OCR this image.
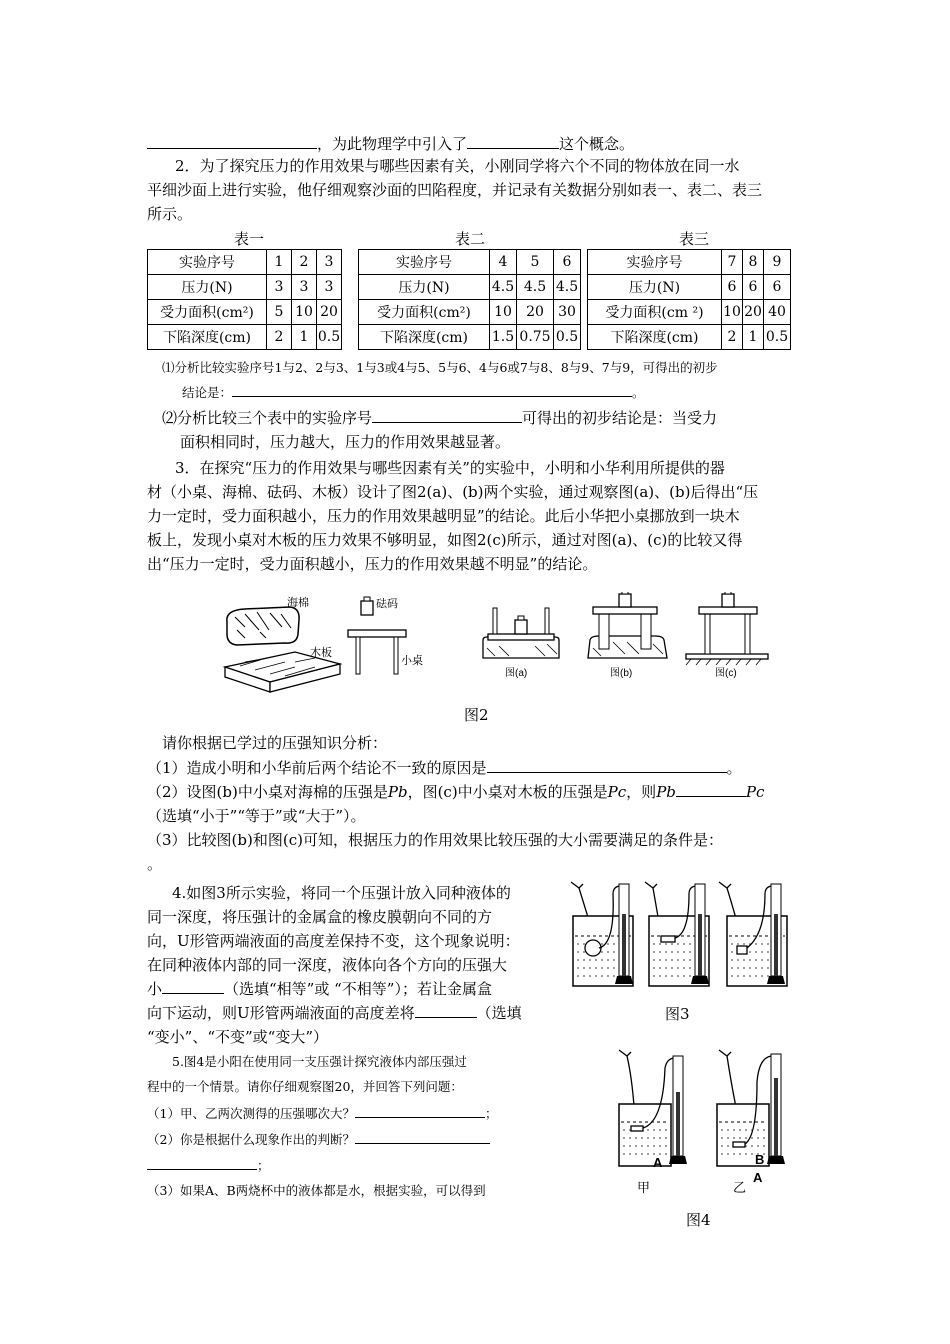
，为此物理学中引入了	这个概念。
2．为了探究压力的作用效果与哪些因素有关，小刚同学将六个不同的物体放在同一水
平细沙面上进行实验，他仔细观察沙面的凹陷程度，并记录有关数据分别如表一、表二、表三
所示。
表一	表二	表三
实验序号	1	2	3
压力(N)	3	3	3
受力面积(cm²)	5	10	20
下陷深度(cm)	2	1	0.5
实验序号	4	5	6
压力(N)	4.5	4.5	4.5
受力面积(cm²)	10	20	30
下陷深度(cm)	1.5	0.75	0.5
实验序号	7	8	9
压力(N)	6	6	6
受力面积(cm ²)	10	20	40
下陷深度(cm)	2	1	0.5
⑴分析比较实验序号1与2、2与3、1与3或4与5、5与6、4与6或7与8、8与9、7与9，可得出的初步
结论是：	。
⑵分析比较三个表中的实验序号	可得出的初步结论是：当受力
面积相同时，压力越大，压力的作用效果越显著。
3．在探究“压力的作用效果与哪些因素有关”的实验中，小明和小华利用所提供的器
材（小桌、海棉、砝码、木板）设计了图2(a)、(b)两个实验，通过观察图(a)、(b)后得出“压
力一定时，受力面积越小，压力的作用效果越明显”的结论。此后小华把小桌挪放到一块木
板上，发现小桌对木板的压力效果不够明显，如图2(c)所示，通过对图(a)、(c)的比较又得
出“压力一定时，受力面积越小，压力的作用效果越不明显”的结论。
海棉
木板
砝码
小桌
图(a)	图(b)	图(c)
图2
请你根据已学过的压强知识分析：
（1）造成小明和小华前后两个结论不一致的原因是	。
（2）设图(b)中小桌对海棉的压强是Pb，图(c)中小桌对木板的压强是Pc，则Pb	Pc
（选填“小于”“等于”或“大于”）。
（3）比较图(b)和图(c)可知，根据压力的作用效果比较压强的大小需要满足的条件是：
。
4.如图3所示实验，将同一个压强计放入同种液体的
同一深度，将压强计的金属盒的橡皮膜朝向不同的方
向，U形管两端液面的高度差保持不变，这个现象说明：
在同种液体内部的同一深度，液体向各个方向的压强大
小	（选填“相等”或 “不相等”）；若让金属盒
向下运动，则U形管两端液面的高度差将	（选填
“变小”、“不变”或“变大”）
图3
5.图4是小阳在使用同一支压强计探究液体内部压强过
程中的一个情景。请你仔细观察图20，并回答下列问题：
（1）甲、乙两次测得的压强哪次大？	；
（2）你是根据什么现象作出的判断？
；
（3）如果A、B两烧杯中的液体都是水，根据实验，可以得到
A	B
A
甲	乙
图4
